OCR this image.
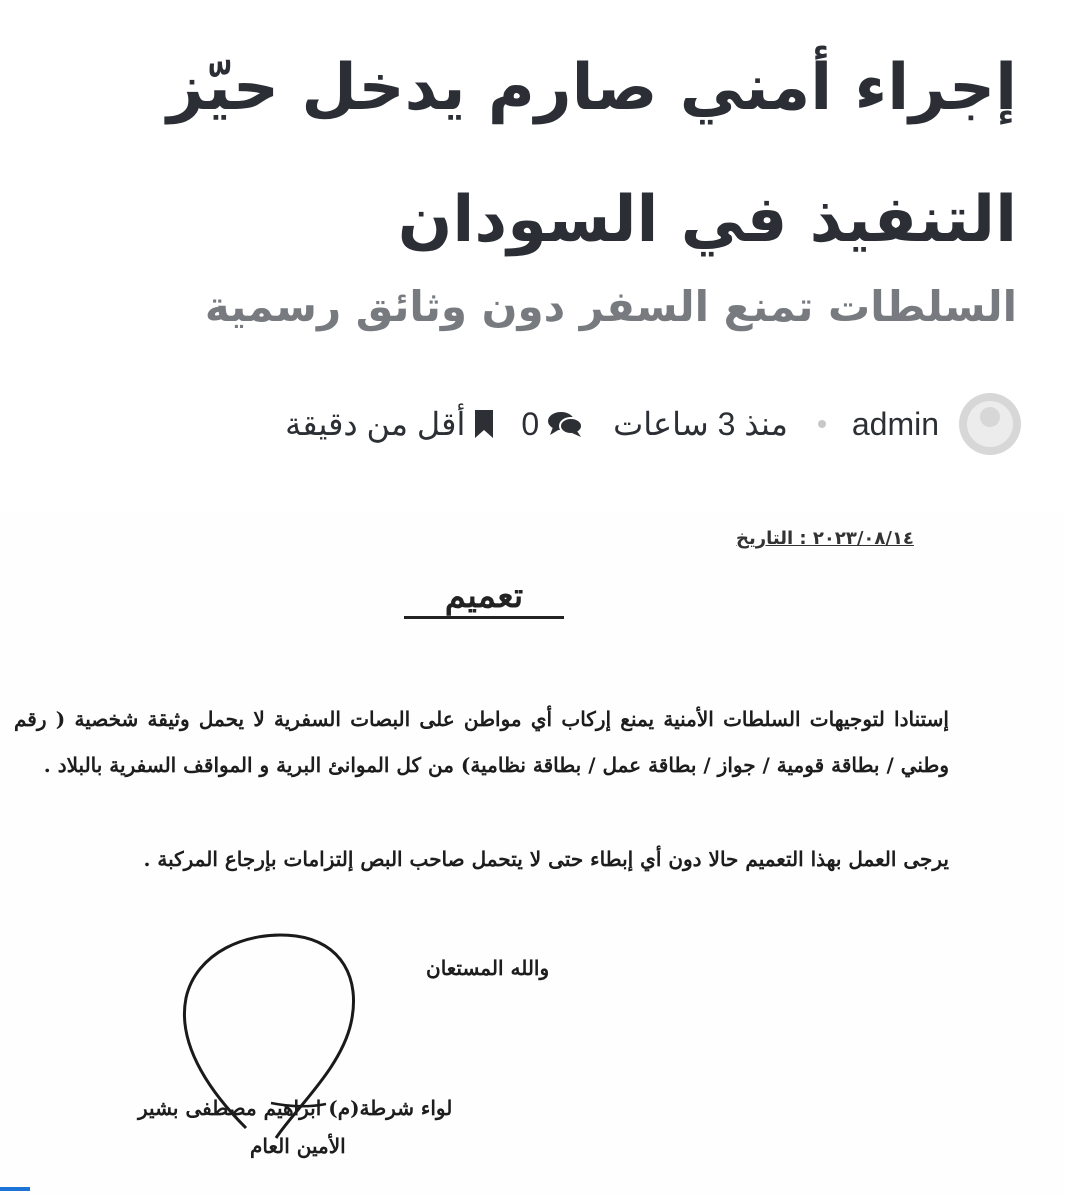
إجراء أمني صارم يدخل حيّز التنفيذ في السودان
السلطات تمنع السفر دون وثائق رسمية
admin
منذ 3 ساعات
0
أقل من دقيقة
٢٠٢٣/٠٨/١٤ : التاريخ
تعميم

إستنادا لتوجيهات السلطات الأمنية يمنع إركاب أي مواطن على البصات السفرية لا يحمل وثيقة شخصية ( رقم وطني / بطاقة قومية / جواز / بطاقة عمل / بطاقة نظامية) من كل الموانئ البرية و المواقف السفرية بالبلاد .

يرجى العمل بهذا التعميم حالا دون أي إبطاء حتى لا يتحمل صاحب البص إلتزامات بإرجاع المركبة .

والله المستعان
لواء شرطة(م) ابراهيم مصطفى بشير
الأمين العام
